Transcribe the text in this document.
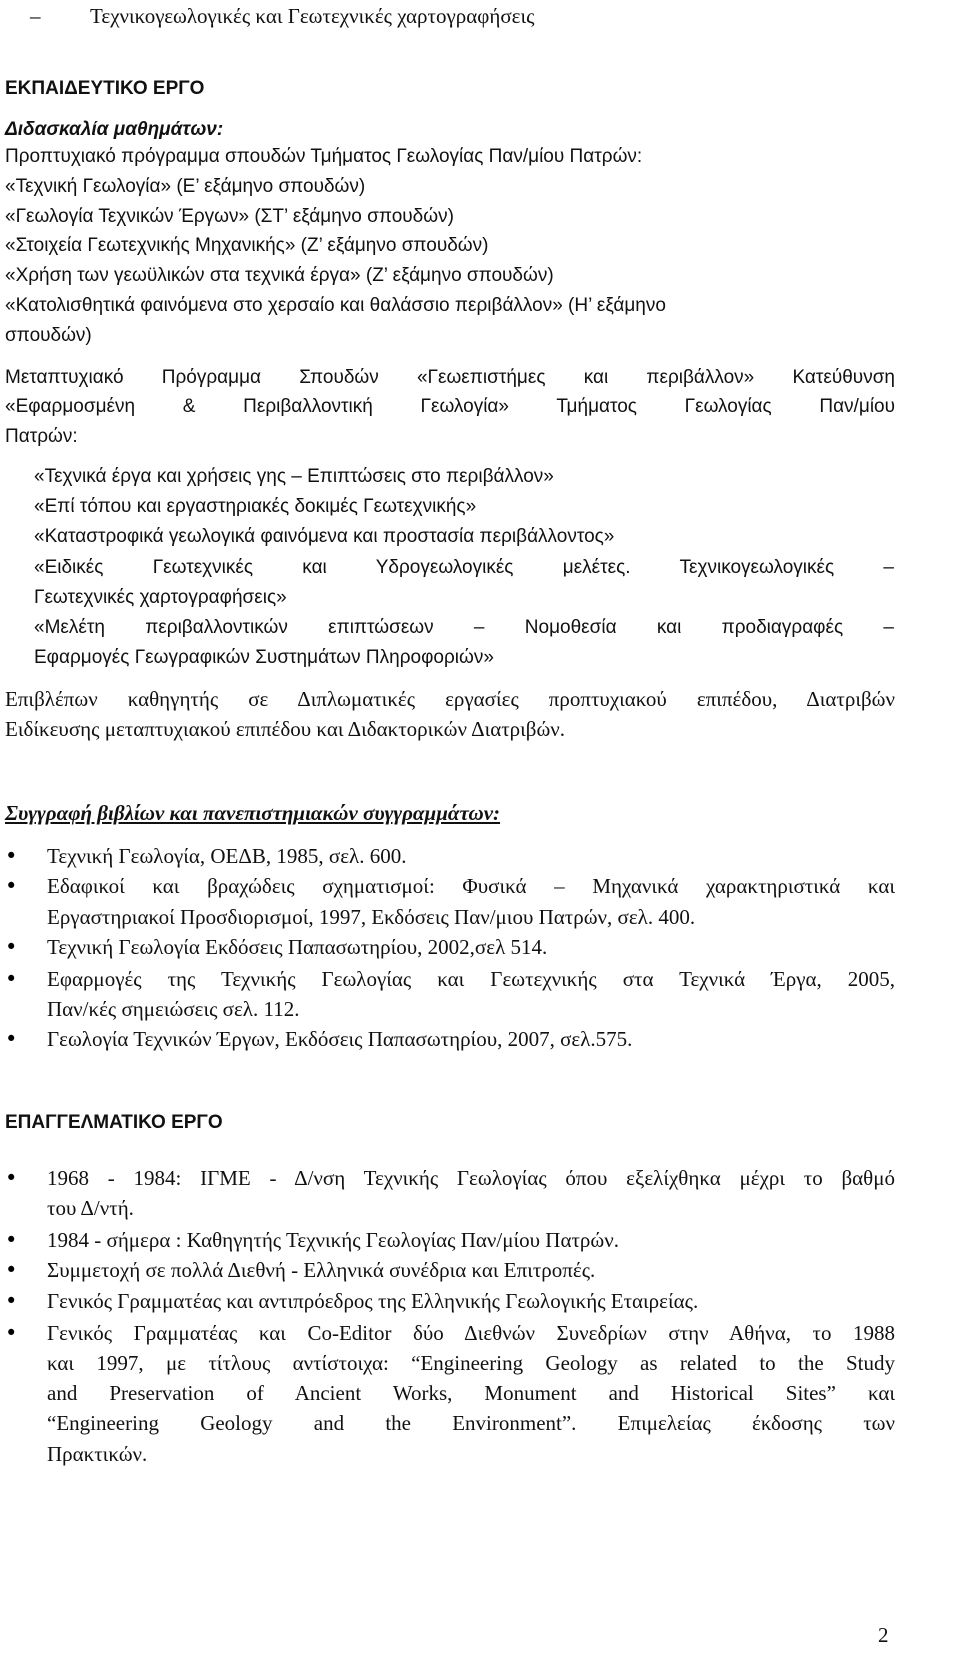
– Τεχνικογεωλογικές και Γεωτεχνικές χαρτογραφήσεις
ΕΚΠΑΙΔΕΥΤΙΚΟ ΕΡΓΟ
Διδασκαλία μαθημάτων:
Προπτυχιακό πρόγραμμα σπουδών Τμήματος Γεωλογίας Παν/μίου Πατρών:
«Τεχνική Γεωλογία» (Ε’ εξάμηνο σπουδών)
«Γεωλογία Τεχνικών Έργων» (ΣΤ’ εξάμηνο σπουδών)
«Στοιχεία Γεωτεχνικής Μηχανικής» (Ζ’ εξάμηνο σπουδών)
«Χρήση των γεωϋλικών στα τεχνικά έργα» (Ζ’ εξάμηνο σπουδών)
«Κατολισθητικά φαινόμενα στο χερσαίο και θαλάσσιο περιβάλλον» (Η’ εξάμηνο
σπουδών)
Μεταπτυχιακό Πρόγραμμα Σπουδών «Γεωεπιστήμες και περιβάλλον» Κατεύθυνση
«Εφαρμοσμένη & Περιβαλλοντική Γεωλογία» Τμήματος Γεωλογίας Παν/μίου
Πατρών:
«Τεχνικά έργα και χρήσεις γης – Επιπτώσεις στο περιβάλλον»
«Επί τόπου και εργαστηριακές δοκιμές Γεωτεχνικής»
«Καταστροφικά γεωλογικά φαινόμενα και προστασία περιβάλλοντος»
«Ειδικές Γεωτεχνικές και Υδρογεωλογικές μελέτες. Τεχνικογεωλογικές –
Γεωτεχνικές χαρτογραφήσεις»
«Μελέτη περιβαλλοντικών επιπτώσεων – Νομοθεσία και προδιαγραφές –
Εφαρμογές Γεωγραφικών Συστημάτων Πληροφοριών»
Επιβλέπων καθηγητής σε Διπλωματικές εργασίες προπτυχιακού επιπέδου, Διατριβών
Ειδίκευσης μεταπτυχιακού επιπέδου και Διδακτορικών Διατριβών.
Συγγραφή βιβλίων και πανεπιστημιακών συγγραμμάτων:
• Τεχνική Γεωλογία, ΟΕΔΒ, 1985, σελ. 600.
• Εδαφικοί και βραχώδεις σχηματισμοί: Φυσικά – Μηχανικά χαρακτηριστικά και
Εργαστηριακοί Προσδιορισμοί, 1997, Εκδόσεις Παν/μιου Πατρών, σελ. 400.
• Τεχνική Γεωλογία Εκδόσεις Παπασωτηρίου, 2002,σελ 514.
• Εφαρμογές της Τεχνικής Γεωλογίας και Γεωτεχνικής στα Τεχνικά Έργα, 2005,
Παν/κές σημειώσεις σελ. 112.
• Γεωλογία Τεχνικών Έργων, Εκδόσεις Παπασωτηρίου, 2007, σελ.575.
ΕΠΑΓΓΕΛΜΑΤΙΚΟ ΕΡΓΟ
• 1968 - 1984: ΙΓΜΕ - Δ/νση Τεχνικής Γεωλογίας όπου εξελίχθηκα μέχρι το βαθμό
του Δ/ντή.
• 1984 - σήμερα : Καθηγητής Τεχνικής Γεωλογίας Παν/μίου Πατρών.
• Συμμετοχή σε πολλά Διεθνή - Ελληνικά συνέδρια και Επιτροπές.
• Γενικός Γραμματέας και αντιπρόεδρος της Ελληνικής Γεωλογικής Εταιρείας.
• Γενικός Γραμματέας και Co-Editor δύο Διεθνών Συνεδρίων στην Αθήνα, το 1988
και 1997, με τίτλους αντίστοιχα: “Engineering Geology as related to the Study
and Preservation of Ancient Works, Monument and Historical Sites” και
“Engineering Geology and the Environment”. Επιμελείας έκδοσης των
Πρακτικών.
2
